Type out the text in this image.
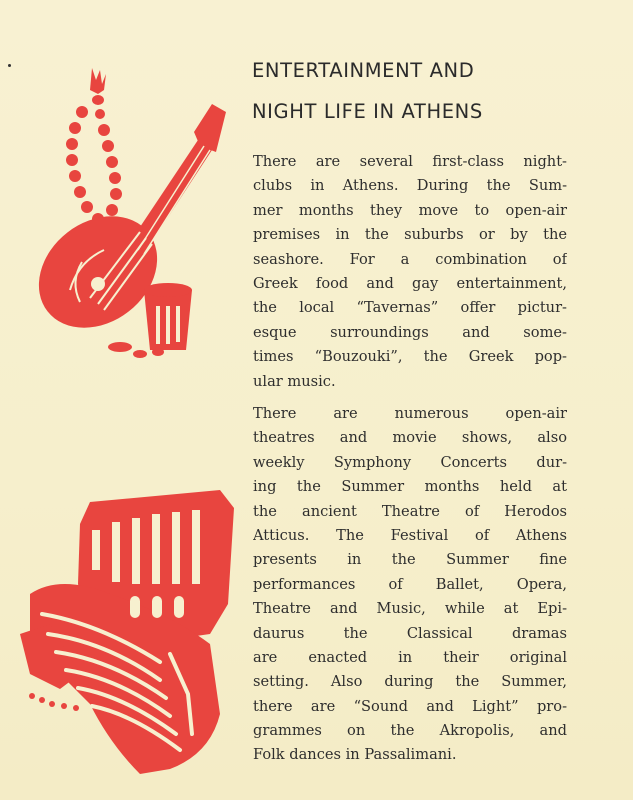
ENTERTAINMENT AND
NIGHT LIFE IN ATHENS
There are several first-class night-
clubs in Athens. During the Sum-
mer months they move to open-air
premises in the suburbs or by the
seashore. For a combination of
Greek food and gay entertainment,
the local “Tavernas” offer pictur-
esque surroundings and some-
times “Bouzouki”, the Greek pop-
ular music.
There are numerous open-air
theatres and movie shows, also
weekly Symphony Concerts dur-
ing the Summer months held at
the ancient Theatre of Herodos
Atticus. The Festival of Athens
presents in the Summer fine
performances of Ballet, Opera,
Theatre and Music, while at Epi-
daurus the Classical dramas
are enacted in their original
setting. Also during the Summer,
there are “Sound and Light” pro-
grammes on the Akropolis, and
Folk dances in Passalimani.
